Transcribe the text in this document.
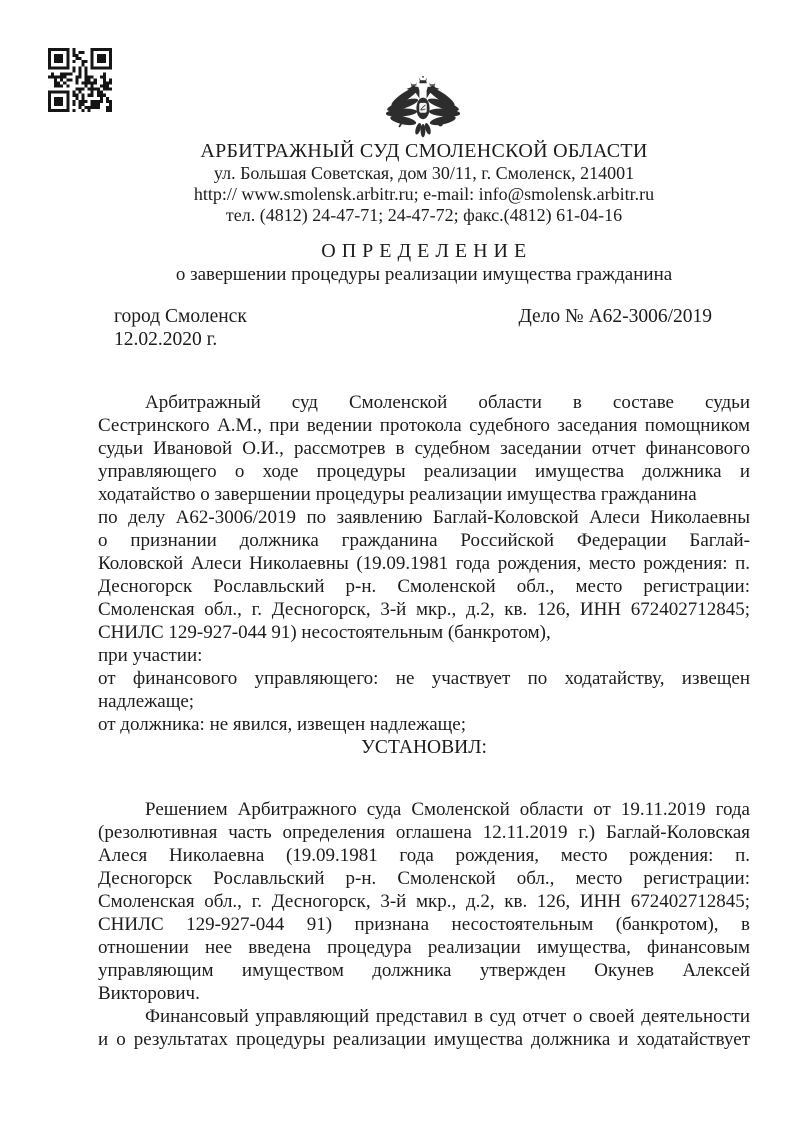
АРБИТРАЖНЫЙ СУД СМОЛЕНСКОЙ ОБЛАСТИ
ул. Большая Советская, дом 30/11, г. Смоленск, 214001
http:// www.smolensk.arbitr.ru; e-mail: info@smolensk.arbitr.ru
тел. (4812) 24-47-71; 24-47-72; факс.(4812) 61-04-16
О П Р Е Д Е Л Е Н И Е
о завершении процедуры реализации имущества гражданина
город Смоленск	Дело № А62-3006/2019
12.02.2020 г.
Арбитражный суд Смоленской области в составе судьи
Сестринского А.М., при ведении протокола судебного заседания помощником
судьи Ивановой О.И., рассмотрев в судебном заседании отчет финансового
управляющего о ходе процедуры реализации имущества должника и
ходатайство о завершении процедуры реализации имущества гражданина
по делу А62-3006/2019 по заявлению Баглай-Коловской Алеси Николаевны
о признании должника гражданина Российской Федерации Баглай-
Коловской Алеси Николаевны (19.09.1981 года рождения, место рождения: п.
Десногорск Рославльский р-н. Смоленской обл., место регистрации:
Смоленская обл., г. Десногорск, 3-й мкр., д.2, кв. 126, ИНН 672402712845;
СНИЛС 129-927-044 91) несостоятельным (банкротом),
при участии:
от финансового управляющего: не участвует по ходатайству, извещен
надлежаще;
от должника: не явился, извещен надлежаще;
УСТАНОВИЛ:
Решением Арбитражного суда Смоленской области от 19.11.2019 года
(резолютивная часть определения оглашена 12.11.2019 г.) Баглай-Коловская
Алеся Николаевна (19.09.1981 года рождения, место рождения: п.
Десногорск Рославльский р-н. Смоленской обл., место регистрации:
Смоленская обл., г. Десногорск, 3-й мкр., д.2, кв. 126, ИНН 672402712845;
СНИЛС 129-927-044 91) признана несостоятельным (банкротом), в
отношении нее введена процедура реализации имущества, финансовым
управляющим имуществом должника утвержден Окунев Алексей
Викторович.
Финансовый управляющий представил в суд отчет о своей деятельности
и о результатах процедуры реализации имущества должника и ходатайствует
